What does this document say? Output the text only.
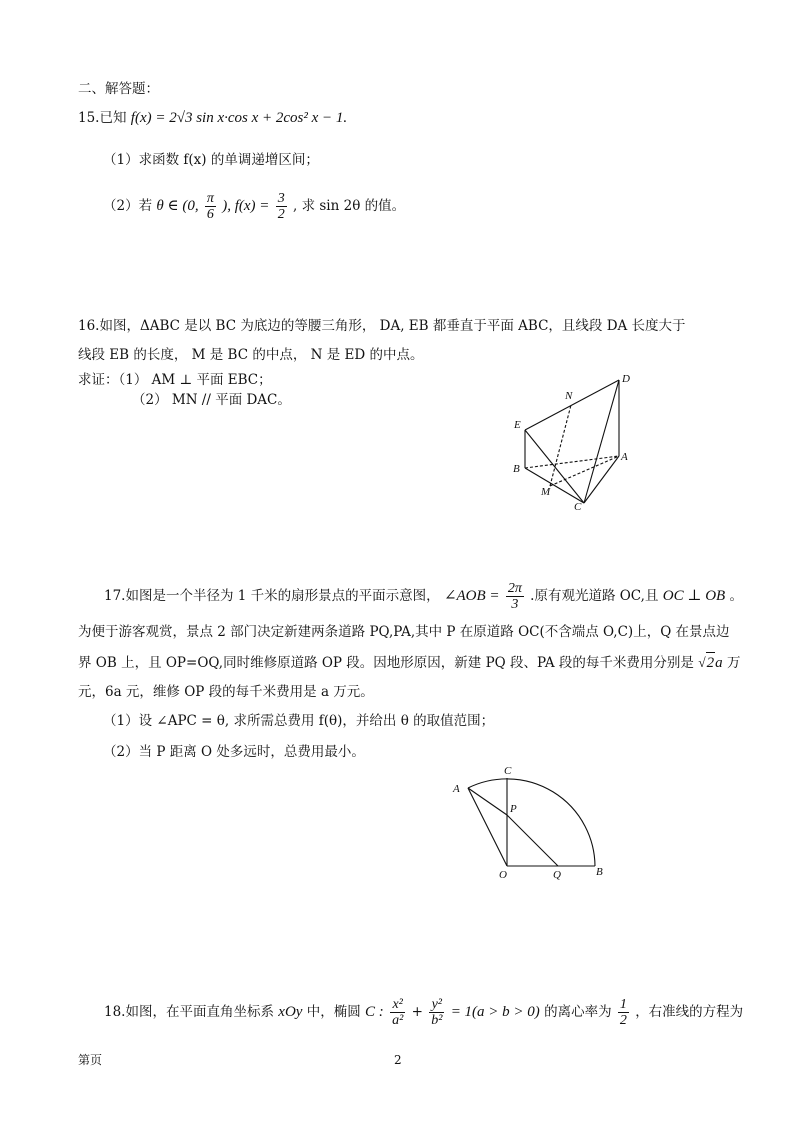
二、解答题：
15.已知 f(x) = 2√3 sin x·cos x + 2cos² x − 1.
（1）求函数 f(x) 的单调递增区间；
（2）若 θ ∈ (0, $\frac{\pi}{6}$ ), $f(x) = \frac{3}{2}$ , 求 sin 2θ 的值。
16.如图，ΔABC 是以 BC 为底边的等腰三角形， DA, EB 都垂直于平面 ABC，且线段 DA 长度大于
线段 EB 的长度， M 是 BC 的中点， N 是 ED 的中点。
求证：（1） AM ⊥ 平面 EBC；
（2） MN // 平面 DAC。
D
N
E
A
B
M
C
17.如图是一个半径为 1 千米的扇形景点的平面示意图， ∠AOB = $\frac{2\pi}{3}$ .原有观光道路 OC,且 OC ⊥ OB 。
为便于游客观赏，景点 2 部门决定新建两条道路 PQ,PA,其中 P 在原道路 OC(不含端点 O,C)上，Q 在景点边
界 OB 上，且 OP=OQ,同时维修原道路 OP 段。因地形原因，新建 PQ 段、PA 段的每千米费用分别是 √2a 万
元，6a 元，维修 OP 段的每千米费用是 a 万元。
（1）设 ∠APC = θ, 求所需总费用 f(θ)，并给出 θ 的取值范围；
（2）当 P 距离 O 处多远时，总费用最小。
C
A
P
O	Q	B
18.如图，在平面直角坐标系 xOy 中，椭圆 C : $\frac{\text{x²}}{\text{a²}} + \frac{\text{y²}}{\text{b²}} = 1(a > b > 0)$ 的离心率为 $\frac{1}{2}$ ，右准线的方程为
第页	2
